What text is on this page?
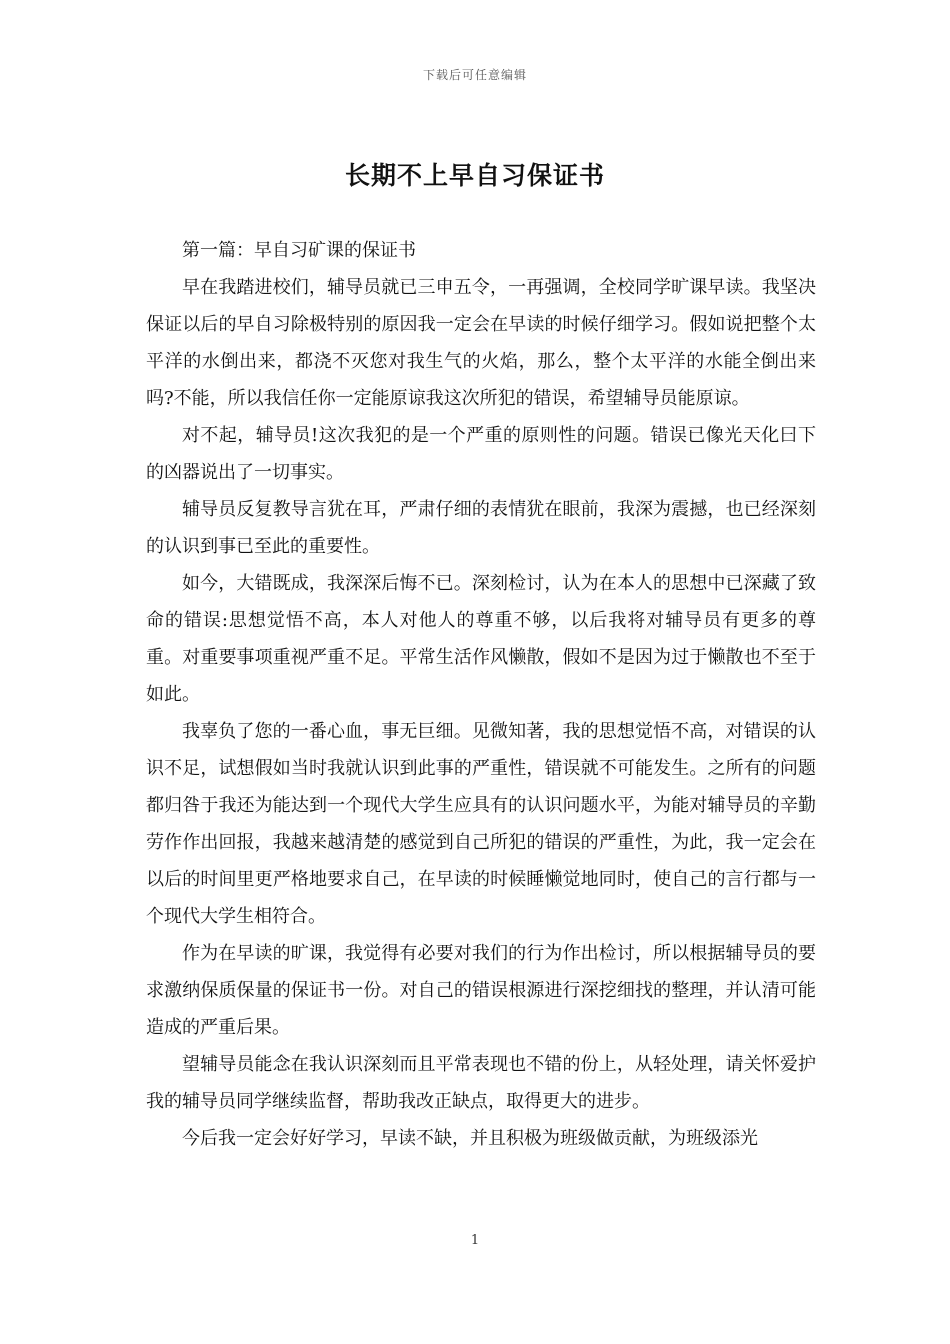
下载后可任意编辑
长期不上早自习保证书

第一篇：早自习矿课的保证书

早在我踏进校们，辅导员就已三申五令，一再强调，全校同学旷课早读。我坚决保证以后的早自习除极特别的原因我一定会在早读的时候仔细学习。假如说把整个太平洋的水倒出来，都浇不灭您对我生气的火焰，那么，整个太平洋的水能全倒出来吗?不能，所以我信任你一定能原谅我这次所犯的错误，希望辅导员能原谅。

对不起，辅导员!这次我犯的是一个严重的原则性的问题。错误已像光天化曰下的凶器说出了一切事实。

辅导员反复教导言犹在耳，严肃仔细的表情犹在眼前，我深为震撼，也已经深刻的认识到事已至此的重要性。

如今，大错既成，我深深后悔不已。深刻检讨，认为在本人的思想中已深藏了致命的错误:思想觉悟不高，本人对他人的尊重不够，以后我将对辅导员有更多的尊重。对重要事项重视严重不足。平常生活作风懒散，假如不是因为过于懒散也不至于如此。

我辜负了您的一番心血，事无巨细。见微知著，我的思想觉悟不高，对错误的认识不足，试想假如当时我就认识到此事的严重性，错误就不可能发生。之所有的问题都归咎于我还为能达到一个现代大学生应具有的认识问题水平，为能对辅导员的辛勤劳作作出回报，我越来越清楚的感觉到自己所犯的错误的严重性，为此，我一定会在以后的时间里更严格地要求自己，在早读的时候睡懒觉地同时，使自己的言行都与一个现代大学生相符合。

作为在早读的旷课，我觉得有必要对我们的行为作出检讨，所以根据辅导员的要求激纳保质保量的保证书一份。对自己的错误根源进行深挖细找的整理，并认清可能造成的严重后果。

望辅导员能念在我认识深刻而且平常表现也不错的份上，从轻处理，请关怀爱护我的辅导员同学继续监督，帮助我改正缺点，取得更大的进步。

今后我一定会好好学习，早读不缺，并且积极为班级做贡献，为班级添光

1
